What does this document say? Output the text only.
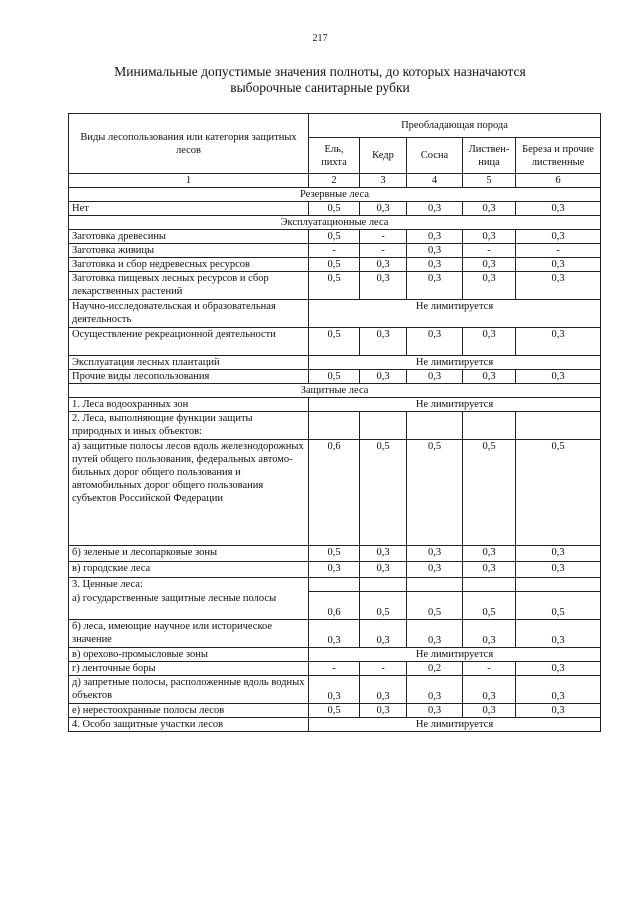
217
Минимальные допустимые значения полноты, до которых назначаются
выборочные санитарные рубки
Виды лесопользования или категория защитных лесов	Преобладающая порода				
	Ель, пихта	Кедр	Сосна	Листвен-ница	Береза и прочие лиственные
1	2	3	4	5	6
Резервные леса					
Нет	0,5	0,3	0,3	0,3	0,3
Эксплуатационные леса					
Заготовка древесины	0,5	-	0,3	0,3	0,3
Заготовка живицы	-	-	0,3	-	-
Заготовка и сбор недревесных ресурсов	0,5	0,3	0,3	0,3	0,3
Заготовка пищевых лесных ресурсов и сбор лекарственных растений	0,5	0,3	0,3	0,3	0,3
Научно-исследовательская и образовательная деятельность	Не лимитируется				
Осуществление рекреационной деятельности	0,5	0,3	0,3	0,3	0,3
Эксплуатация лесных плантаций	Не лимитируется				
Прочие виды лесопользования	0,5	0,3	0,3	0,3	0,3
Защитные леса					
1. Леса водоохранных зон	Не лимитируется				
2. Леса, выполняющие функции защиты природных и иных объектов:					
а) защитные полосы лесов вдоль железнодорожных путей общего пользования, федеральных автомо-бильных дорог общего пользования и автомобильных дорог общего пользования субъектов Российской Федерации	0,6	0,5	0,5	0,5	0,5
б) зеленые и лесопарковые зоны	0,5	0,3	0,3	0,3	0,3
в) городские леса	0,3	0,3	0,3	0,3	0,3
3. Ценные леса:					
а) государственные защитные лесные полосы	0,6	0,5	0,5	0,5	0,5
б) леса, имеющие научное или историческое значение	0,3	0,3	0,3	0,3	0,3
в) орехово-промысловые зоны	Не лимитируется				
г) ленточные боры	-	-	0,2	-	0,3
д) запретные полосы, расположенные вдоль водных объектов	0,3	0,3	0,3	0,3	0,3
е) нерестоохранные полосы лесов	0,5	0,3	0,3	0,3	0,3
4. Особо защитные участки лесов	Не лимитируется				
